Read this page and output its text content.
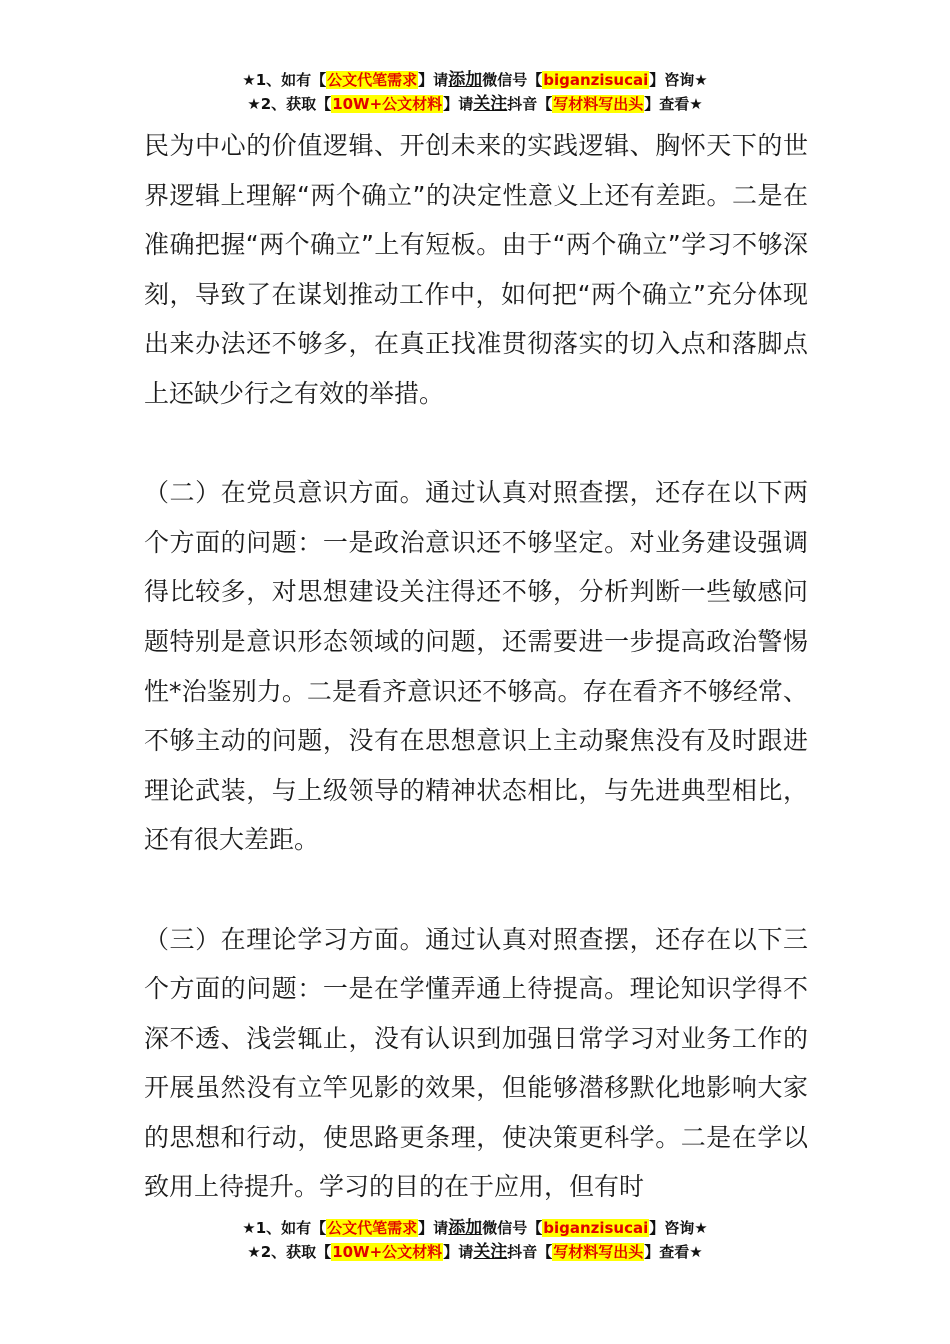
★1、如有【公文代笔需求】请添加微信号【biganzisucai】咨询★
★2、获取【10W+公文材料】请关注抖音【写材料写出头】查看★

民为中心的价值逻辑、开创未来的实践逻辑、胸怀天下的世界逻辑上理解“两个确立”的决定性意义上还有差距。二是在准确把握“两个确立”上有短板。由于“两个确立”学习不够深刻，导致了在谋划推动工作中，如何把“两个确立”充分体现出来办法还不够多，在真正找准贯彻落实的切入点和落脚点上还缺少行之有效的举措。

（二）在党员意识方面。通过认真对照查摆，还存在以下两个方面的问题：一是政治意识还不够坚定。对业务建设强调得比较多，对思想建设关注得还不够，分析判断一些敏感问题特别是意识形态领域的问题，还需要进一步提高政治警惕性*治鉴别力。二是看齐意识还不够高。存在看齐不够经常、不够主动的问题，没有在思想意识上主动聚焦没有及时跟进理论武装，与上级领导的精神状态相比，与先进典型相比，还有很大差距。

（三）在理论学习方面。通过认真对照查摆，还存在以下三个方面的问题：一是在学懂弄通上待提高。理论知识学得不深不透、浅尝辄止，没有认识到加强日常学习对业务工作的开展虽然没有立竿见影的效果，但能够潜移默化地影响大家的思想和行动，使思路更条理，使决策更科学。二是在学以致用上待提升。学习的目的在于应用，但有时

★1、如有【公文代笔需求】请添加微信号【biganzisucai】咨询★
★2、获取【10W+公文材料】请关注抖音【写材料写出头】查看★
